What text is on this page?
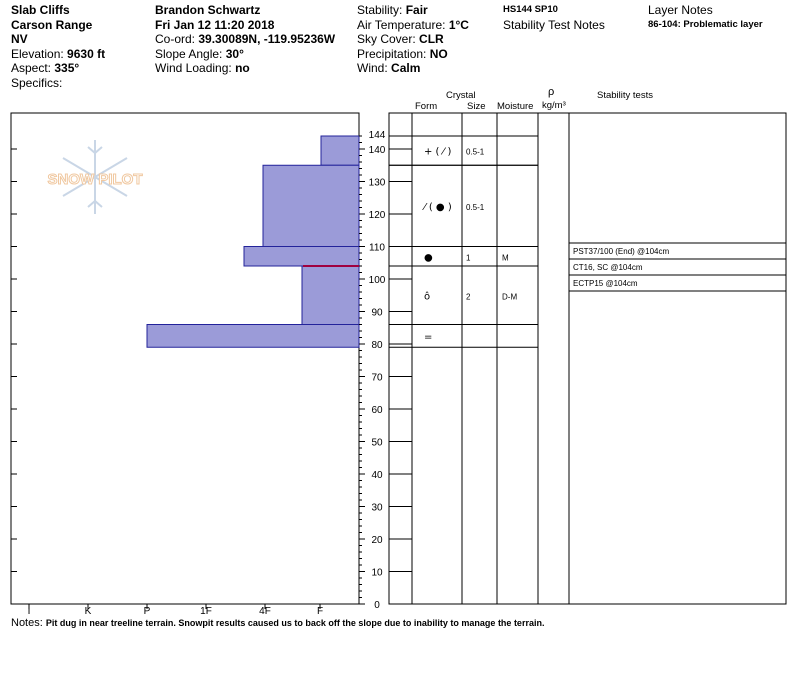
Slab Cliffs
Carson Range
NV
Elevation: 9630 ft
Aspect: 335°
Specifics:
Brandon Schwartz
Fri Jan 12 11:20 2018
Co-ord: 39.30089N, -119.95236W
Slope Angle: 30°
Wind Loading: no
Stability: Fair
Air Temperature: 1°C
Sky Cover: CLR
Precipitation: NO
Wind: Calm
HS144 SP10
Stability Test Notes
Layer Notes
86-104: Problematic layer
Crystal
Form	Size Moisture
ρ
kg/m³
Stability tests
0
10
20
30
40
50
60
70
80
90
100
110
120
130
140
144
I	K	P	1F	4F	F
+ ( ⁄ ) 0.5-1
⁄ ( ● ) 0.5-1
●	1	M
ô	2	D-M
=
PST37/100 (End) @104cm
CT16, SC @104cm
ECTP15 @104cm
SNOW PILOT
Notes: Pit dug in near treeline terrain. Snowpit results caused us to back off the slope due to inability to manage the terrain.
